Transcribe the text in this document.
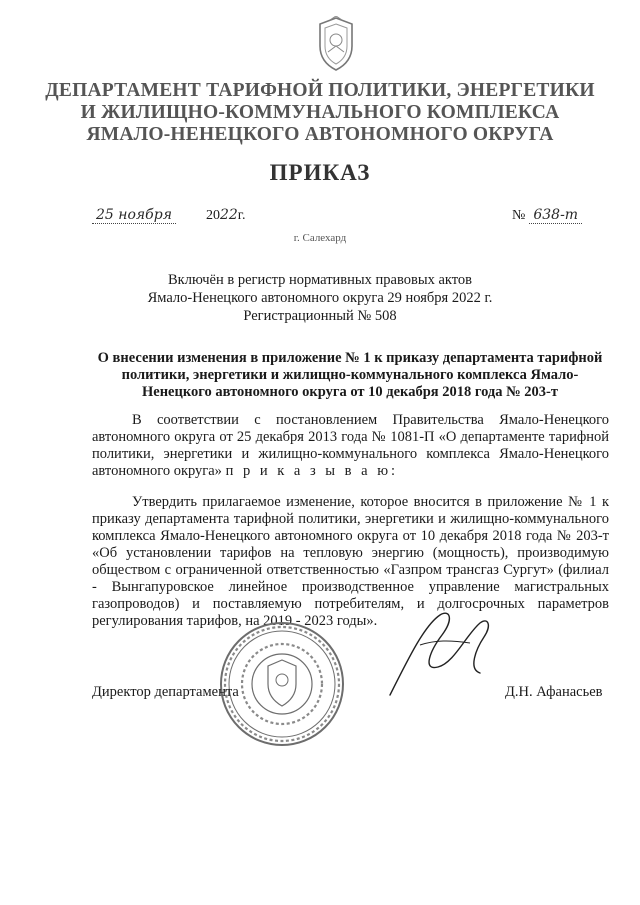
ДЕПАРТАМЕНТ ТАРИФНОЙ ПОЛИТИКИ, ЭНЕРГЕТИКИ
И ЖИЛИЩНО-КОММУНАЛЬНОГО КОМПЛЕКСА
ЯМАЛО-НЕНЕЦКОГО АВТОНОМНОГО ОКРУГА
ПРИКАЗ
25 ноября 2022г.	№ 638-т
г. Салехард
Включён в регистр нормативных правовых актов
Ямало-Ненецкого автономного округа 29 ноября 2022 г.
Регистрационный № 508
О внесении изменения в приложение № 1 к приказу департамента тарифной политики, энергетики и жилищно-коммунального комплекса Ямало-Ненецкого автономного округа от 10 декабря 2018 года № 203-т
В соответствии с постановлением Правительства Ямало-Ненецкого автономного округа от 25 декабря 2013 года № 1081-П «О департаменте тарифной политики, энергетики и жилищно-коммунального комплекса Ямало-Ненецкого автономного округа» п р и к а з ы в а ю:
Утвердить прилагаемое изменение, которое вносится в приложение № 1 к приказу департамента тарифной политики, энергетики и жилищно-коммунального комплекса Ямало-Ненецкого автономного округа от 10 декабря 2018 года № 203-т «Об установлении тарифов на тепловую энергию (мощность), производимую обществом с ограниченной ответственностью «Газпром трансгаз Сургут» (филиал - Вынгапуровское линейное производственное управление магистральных газопроводов) и поставляемую потребителям, и долгосрочных параметров регулирования тарифов, на 2019 - 2023 годы».
Директор департамента	Д.Н. Афанасьев
